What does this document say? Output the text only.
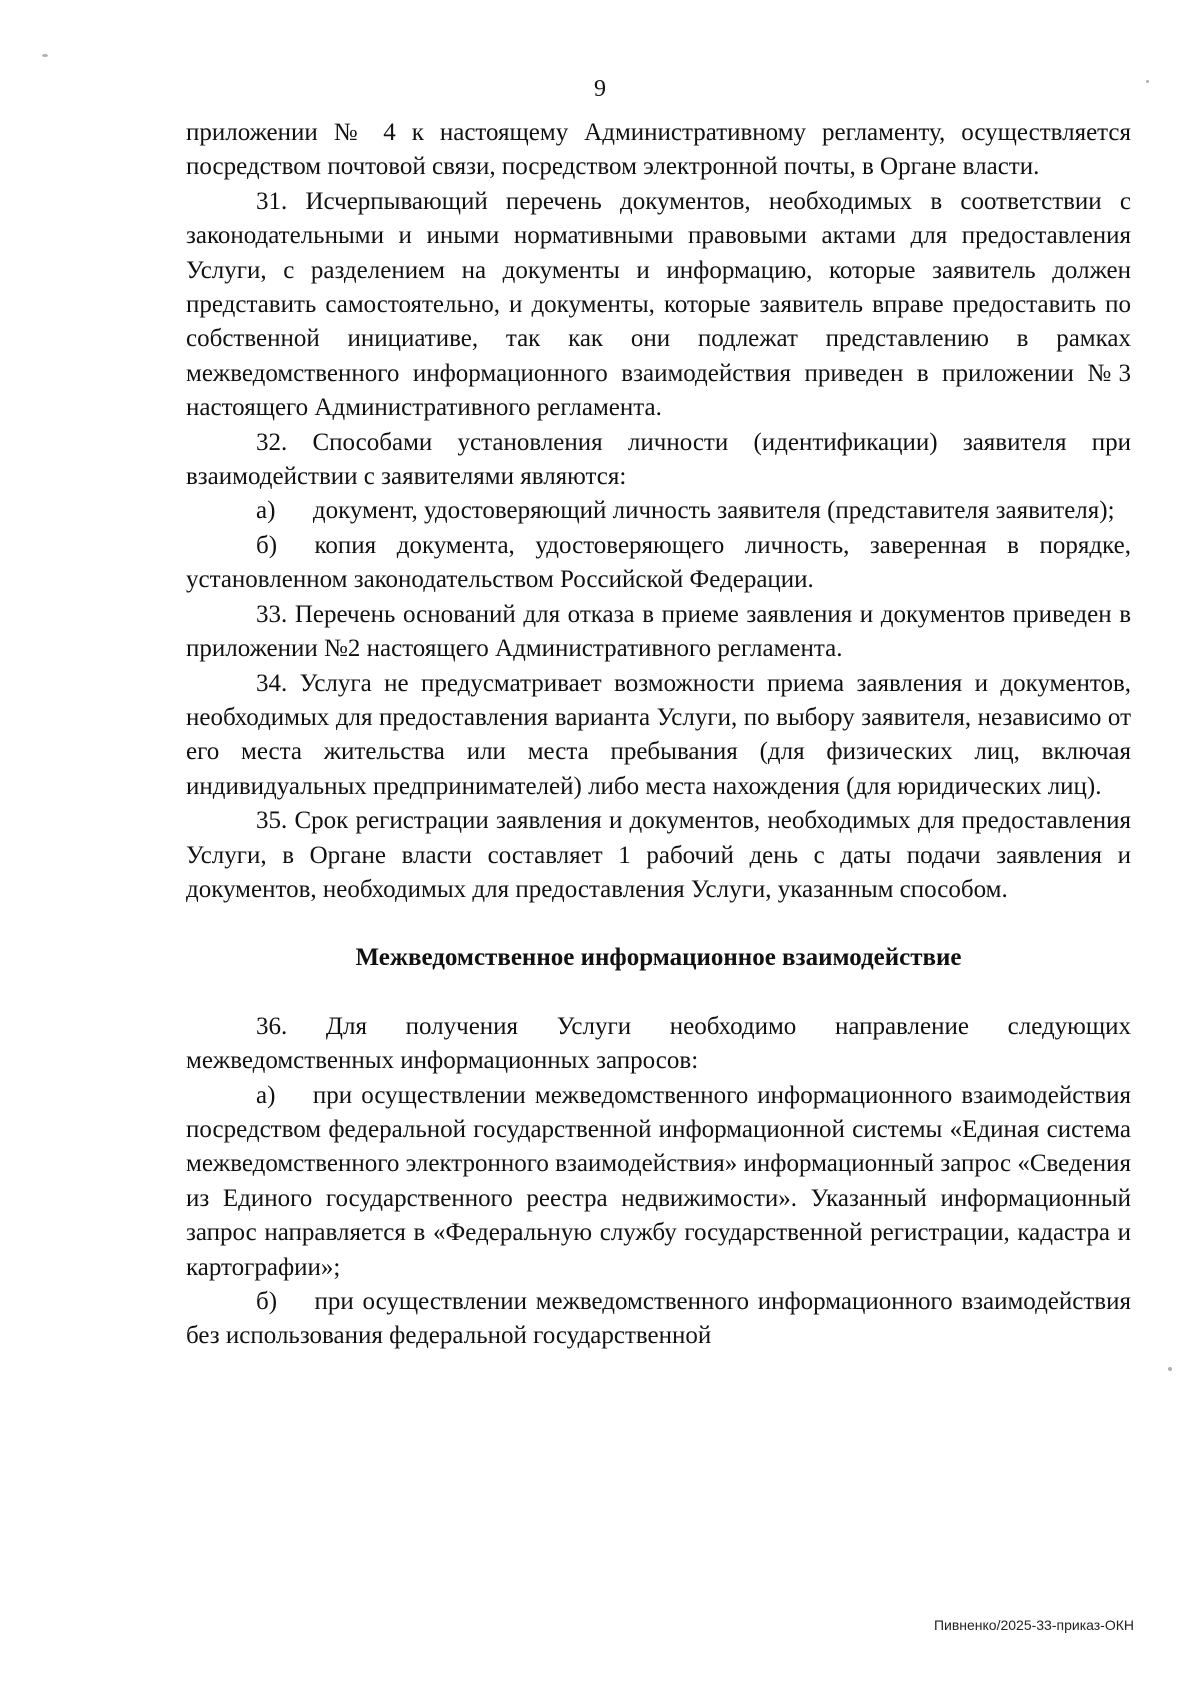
9

приложении № 4 к настоящему Административному регламенту, осуществляется посредством почтовой связи, посредством электронной почты, в Органе власти.

31. Исчерпывающий перечень документов, необходимых в соответствии с законодательными и иными нормативными правовыми актами для предоставления Услуги, с разделением на документы и информацию, которые заявитель должен представить самостоятельно, и документы, которые заявитель вправе предоставить по собственной инициативе, так как они подлежат представлению в рамках межведомственного информационного взаимодействия приведен в приложении №3 настоящего Административного регламента.

32. Способами установления личности (идентификации) заявителя при взаимодействии с заявителями являются:

а)  документ, удостоверяющий личность заявителя (представителя заявителя);

б)  копия документа, удостоверяющего личность, заверенная в порядке, установленном законодательством Российской Федерации.

33. Перечень оснований для отказа в приеме заявления и документов приведен в приложении №2 настоящего Административного регламента.

34. Услуга не предусматривает возможности приема заявления и документов, необходимых для предоставления варианта Услуги, по выбору заявителя, независимо от его места жительства или места пребывания (для физических лиц, включая индивидуальных предпринимателей) либо места нахождения (для юридических лиц).

35. Срок регистрации заявления и документов, необходимых для предоставления Услуги, в Органе власти составляет 1 рабочий день с даты подачи заявления и документов, необходимых для предоставления Услуги, указанным способом.

Межведомственное информационное взаимодействие

36. Для получения Услуги необходимо направление следующих межведомственных информационных запросов:

а)  при осуществлении межведомственного информационного взаимодействия посредством федеральной государственной информационной системы «Единая система межведомственного электронного взаимодействия» информационный запрос «Сведения из Единого государственного реестра недвижимости». Указанный информационный запрос направляется в «Федеральную службу государственной регистрации, кадастра и картографии»;

б)  при осуществлении межведомственного информационного взаимодействия без использования федеральной государственной

Пивненко/2025-33-приказ-ОКН
